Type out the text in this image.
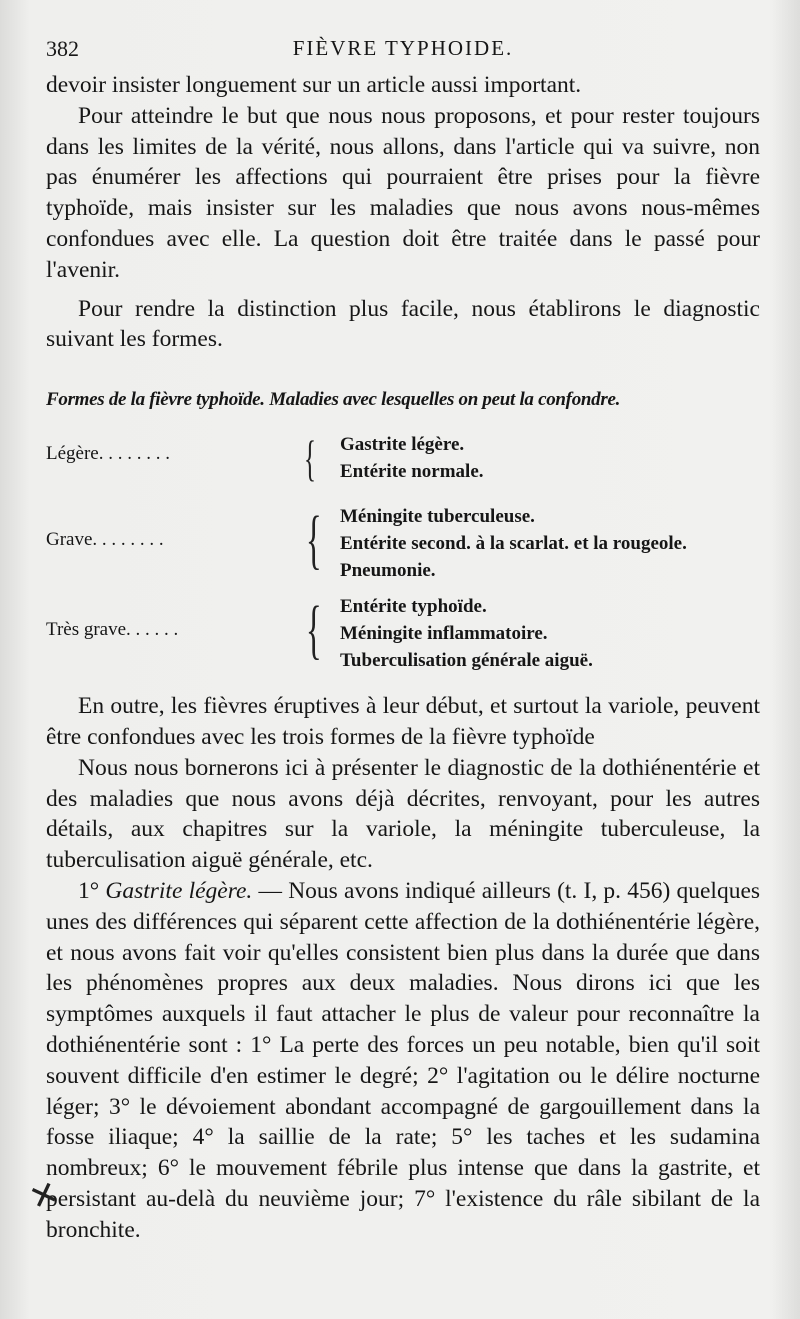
382	FIÈVRE TYPHOIDE.

devoir insister longuement sur un article aussi important.

Pour atteindre le but que nous nous proposons, et pour rester toujours dans les limites de la vérité, nous allons, dans l'article qui va suivre, non pas énumérer les affections qui pourraient être prises pour la fièvre typhoïde, mais insister sur les maladies que nous avons nous-mêmes confondues avec elle. La question doit être traitée dans le passé pour l'avenir.

Pour rendre la distinction plus facile, nous établirons le diagnostic suivant les formes.

Formes de la fièvre typhoïde. Maladies avec lesquelles on peut la confondre.
Légère. . . . . . . .	{ Gastrite légère.
Entérite normale.
Grave. . . . . . . . { Méningite tuberculeuse.
Entérite second. à la scarlat. et la rougeole.
Pneumonie.
Très grave. . . . . . { Entérite typhoïde.
Méningite inflammatoire.
Tuberculisation générale aiguë.

En outre, les fièvres éruptives à leur début, et surtout la variole, peuvent être confondues avec les trois formes de la fièvre typhoïde

Nous nous bornerons ici à présenter le diagnostic de la dothiénentérie et des maladies que nous avons déjà décrites, renvoyant, pour les autres détails, aux chapitres sur la variole, la méningite tuberculeuse, la tuberculisation aiguë générale, etc.

1° Gastrite légère. — Nous avons indiqué ailleurs (t. I, p. 456) quelques unes des différences qui séparent cette affection de la dothiénentérie légère, et nous avons fait voir qu'elles consistent bien plus dans la durée que dans les phénomènes propres aux deux maladies. Nous dirons ici que les symptômes auxquels il faut attacher le plus de valeur pour reconnaître la dothiénentérie sont : 1° La perte des forces un peu notable, bien qu'il soit souvent difficile d'en estimer le degré; 2° l'agitation ou le délire nocturne léger; 3° le dévoiement abondant accompagné de gargouillement dans la fosse iliaque; 4° la saillie de la rate; 5° les taches et les sudamina nombreux; 6° le mouvement fébrile plus intense que dans la gastrite, et persistant au-delà du neuvième jour; 7° l'existence du râle sibilant de la bronchite.

✕
